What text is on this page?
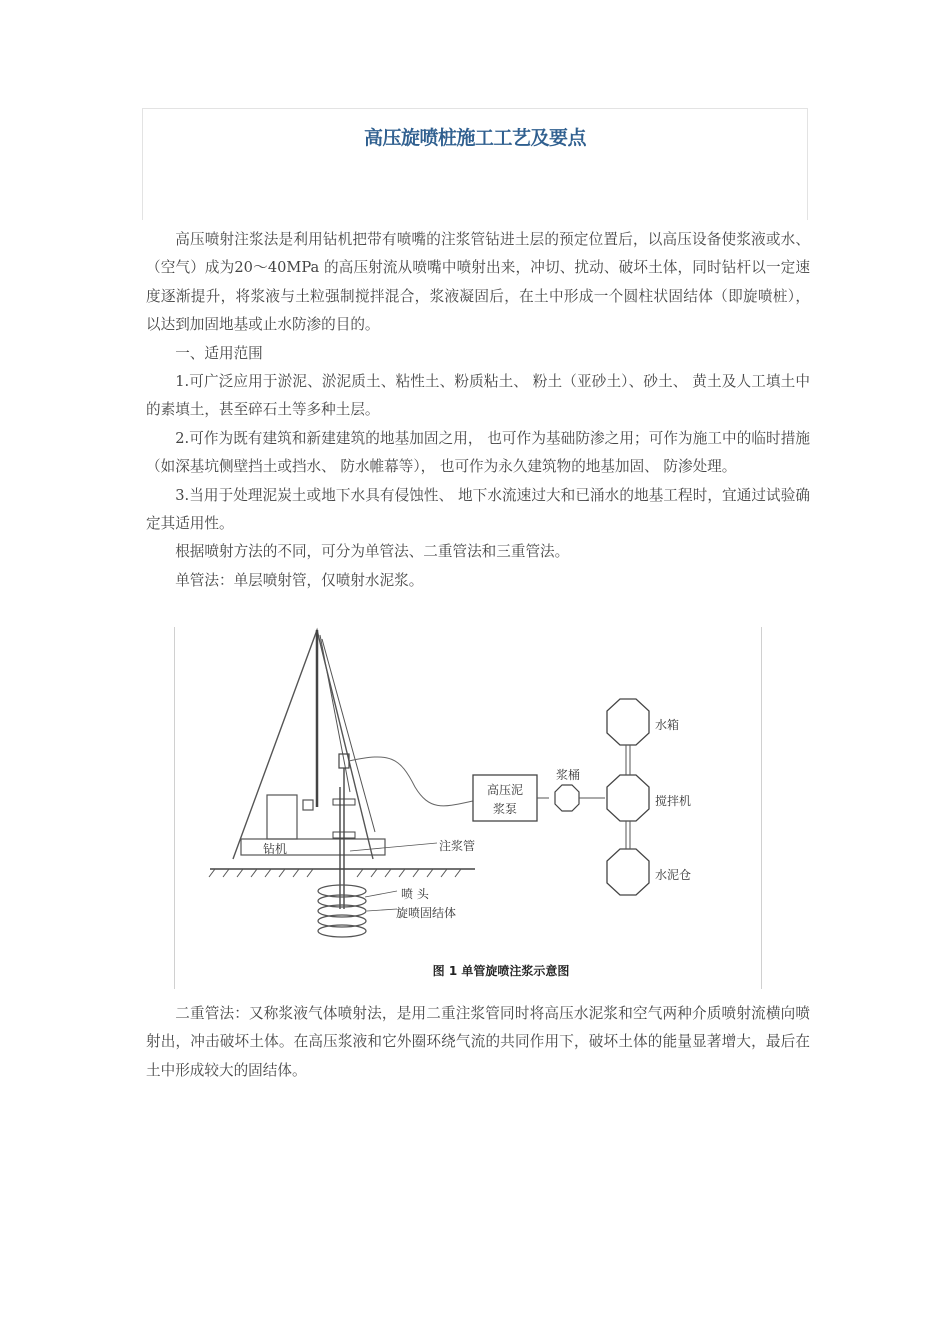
高压旋喷桩施工工艺及要点

高压喷射注浆法是利用钻机把带有喷嘴的注浆管钻进土层的预定位置后，以高压设备使浆液或水、（空气）成为20～40MPa 的高压射流从喷嘴中喷射出来，冲切、扰动、破坏土体，同时钻杆以一定速度逐渐提升，将浆液与土粒强制搅拌混合，浆液凝固后，在土中形成一个圆柱状固结体（即旋喷桩），以达到加固地基或止水防渗的目的。

一、适用范围

1.可广泛应用于淤泥、淤泥质土、粘性土、粉质粘土、 粉土（亚砂土）、砂土、 黄土及人工填土中的素填土，甚至碎石土等多种土层。

2.可作为既有建筑和新建建筑的地基加固之用， 也可作为基础防渗之用；可作为施工中的临时措施（如深基坑侧壁挡土或挡水、 防水帷幕等）， 也可作为永久建筑物的地基加固、 防渗处理。

3.当用于处理泥炭土或地下水具有侵蚀性、 地下水流速过大和已涌水的地基工程时，宜通过试验确定其适用性。

根据喷射方法的不同，可分为单管法、二重管法和三重管法。

单管法：单层喷射管，仅喷射水泥浆。

高压泥
浆泵
浆桶
搅拌机
水箱
水泥仓
钻机	注浆管
喷 头
旋喷固结体
图 1 单管旋喷注浆示意图

二重管法：又称浆液气体喷射法，是用二重注浆管同时将高压水泥浆和空气两种介质喷射流横向喷射出，冲击破坏土体。在高压浆液和它外圈环绕气流的共同作用下，破坏土体的能量显著增大，最后在土中形成较大的固结体。
